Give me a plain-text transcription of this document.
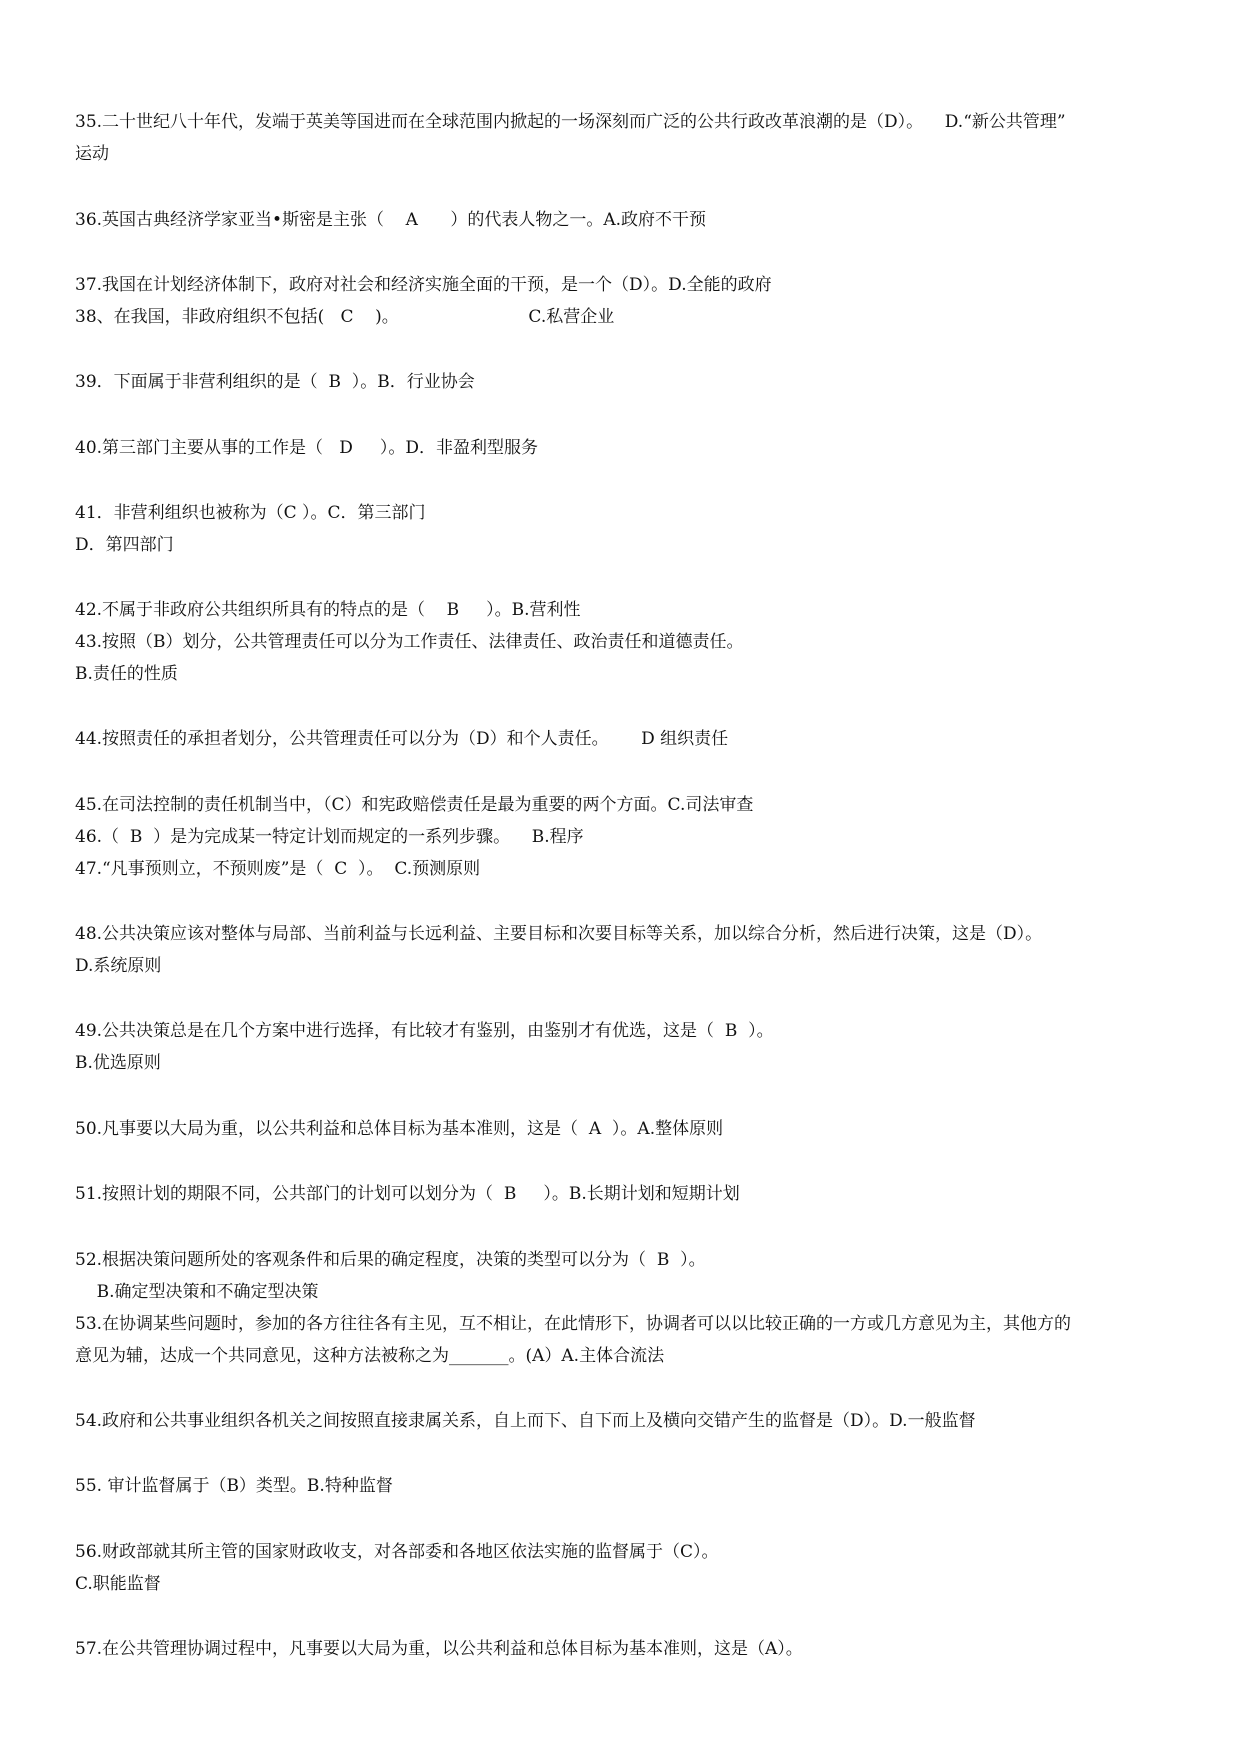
35.二十世纪八十年代，发端于英美等国进而在全球范围内掀起的一场深刻而广泛的公共行政改革浪潮的是（D）。    D.“新公共管理”
运动
36.英国古典经济学家亚当•斯密是主张（    A      ）的代表人物之一。A.政府不干预
37.我国在计划经济体制下，政府对社会和经济实施全面的干预，是一个（D）。D.全能的政府
38、在我国，非政府组织不包括(   C    )。                        C.私营企业
39．下面属于非营利组织的是（  B  ）。B．行业协会
40.第三部门主要从事的工作是（   D     ）。D．非盈利型服务
41．非营利组织也被称为（C ）。C．第三部门
D．第四部门
42.不属于非政府公共组织所具有的特点的是（    B     ）。B.营利性
43.按照（B）划分，公共管理责任可以分为工作责任、法律责任、政治责任和道德责任。
B.责任的性质
44.按照责任的承担者划分，公共管理责任可以分为（D）和个人责任。      D 组织责任
45.在司法控制的责任机制当中，（C）和宪政赔偿责任是最为重要的两个方面。C.司法审查
46.（  B  ）是为完成某一特定计划而规定的一系列步骤。    B.程序
47.“凡事预则立，不预则废”是（  C  ）。  C.预测原则
48.公共决策应该对整体与局部、当前利益与长远利益、主要目标和次要目标等关系，加以综合分析，然后进行决策，这是（D）。
D.系统原则
49.公共决策总是在几个方案中进行选择，有比较才有鉴别，由鉴别才有优选，这是（  B  ）。
B.优选原则
50.凡事要以大局为重，以公共利益和总体目标为基本准则，这是（  A  ）。A.整体原则
51.按照计划的期限不同，公共部门的计划可以划分为（  B     ）。B.长期计划和短期计划
52.根据决策问题所处的客观条件和后果的确定程度，决策的类型可以分为（  B  ）。
B.确定型决策和不确定型决策
53.在协调某些问题时，参加的各方往往各有主见，互不相让，在此情形下，协调者可以以比较正确的一方或几方意见为主，其他方的
意见为辅，达成一个共同意见，这种方法被称之为_______。(A）A.主体合流法
54.政府和公共事业组织各机关之间按照直接隶属关系，自上而下、自下而上及横向交错产生的监督是（D）。D.一般监督
55. 审计监督属于（B）类型。B.特种监督
56.财政部就其所主管的国家财政收支，对各部委和各地区依法实施的监督属于（C）。
C.职能监督
57.在公共管理协调过程中，凡事要以大局为重，以公共利益和总体目标为基本准则，这是（A）。
